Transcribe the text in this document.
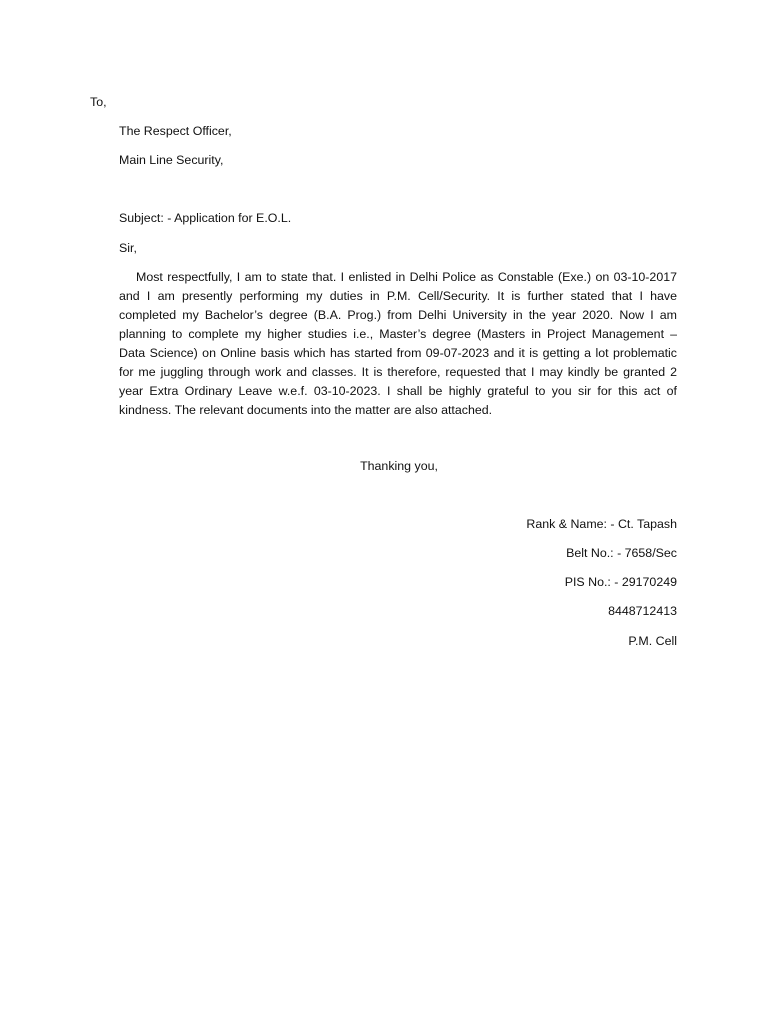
To,
The Respect Officer,
Main Line Security,
Subject: - Application for E.O.L.
Sir,
Most respectfully, I am to state that. I enlisted in Delhi Police as Constable (Exe.) on 03-10-2017
and I am presently performing my duties in P.M. Cell/Security. It is further stated that I have
completed my Bachelor’s degree (B.A. Prog.) from Delhi University in the year 2020. Now I am
planning to complete my higher studies i.e., Master’s degree (Masters in Project Management –
Data Science) on Online basis which has started from 09-07-2023 and it is getting a lot problematic
for me juggling through work and classes. It is therefore, requested that I may kindly be granted 2
year Extra Ordinary Leave w.e.f. 03-10-2023. I shall be highly grateful to you sir for this act of
kindness. The relevant documents into the matter are also attached.
Thanking you,
Rank & Name: - Ct. Tapash
Belt No.: - 7658/Sec
PIS No.: - 29170249
8448712413
P.M. Cell
